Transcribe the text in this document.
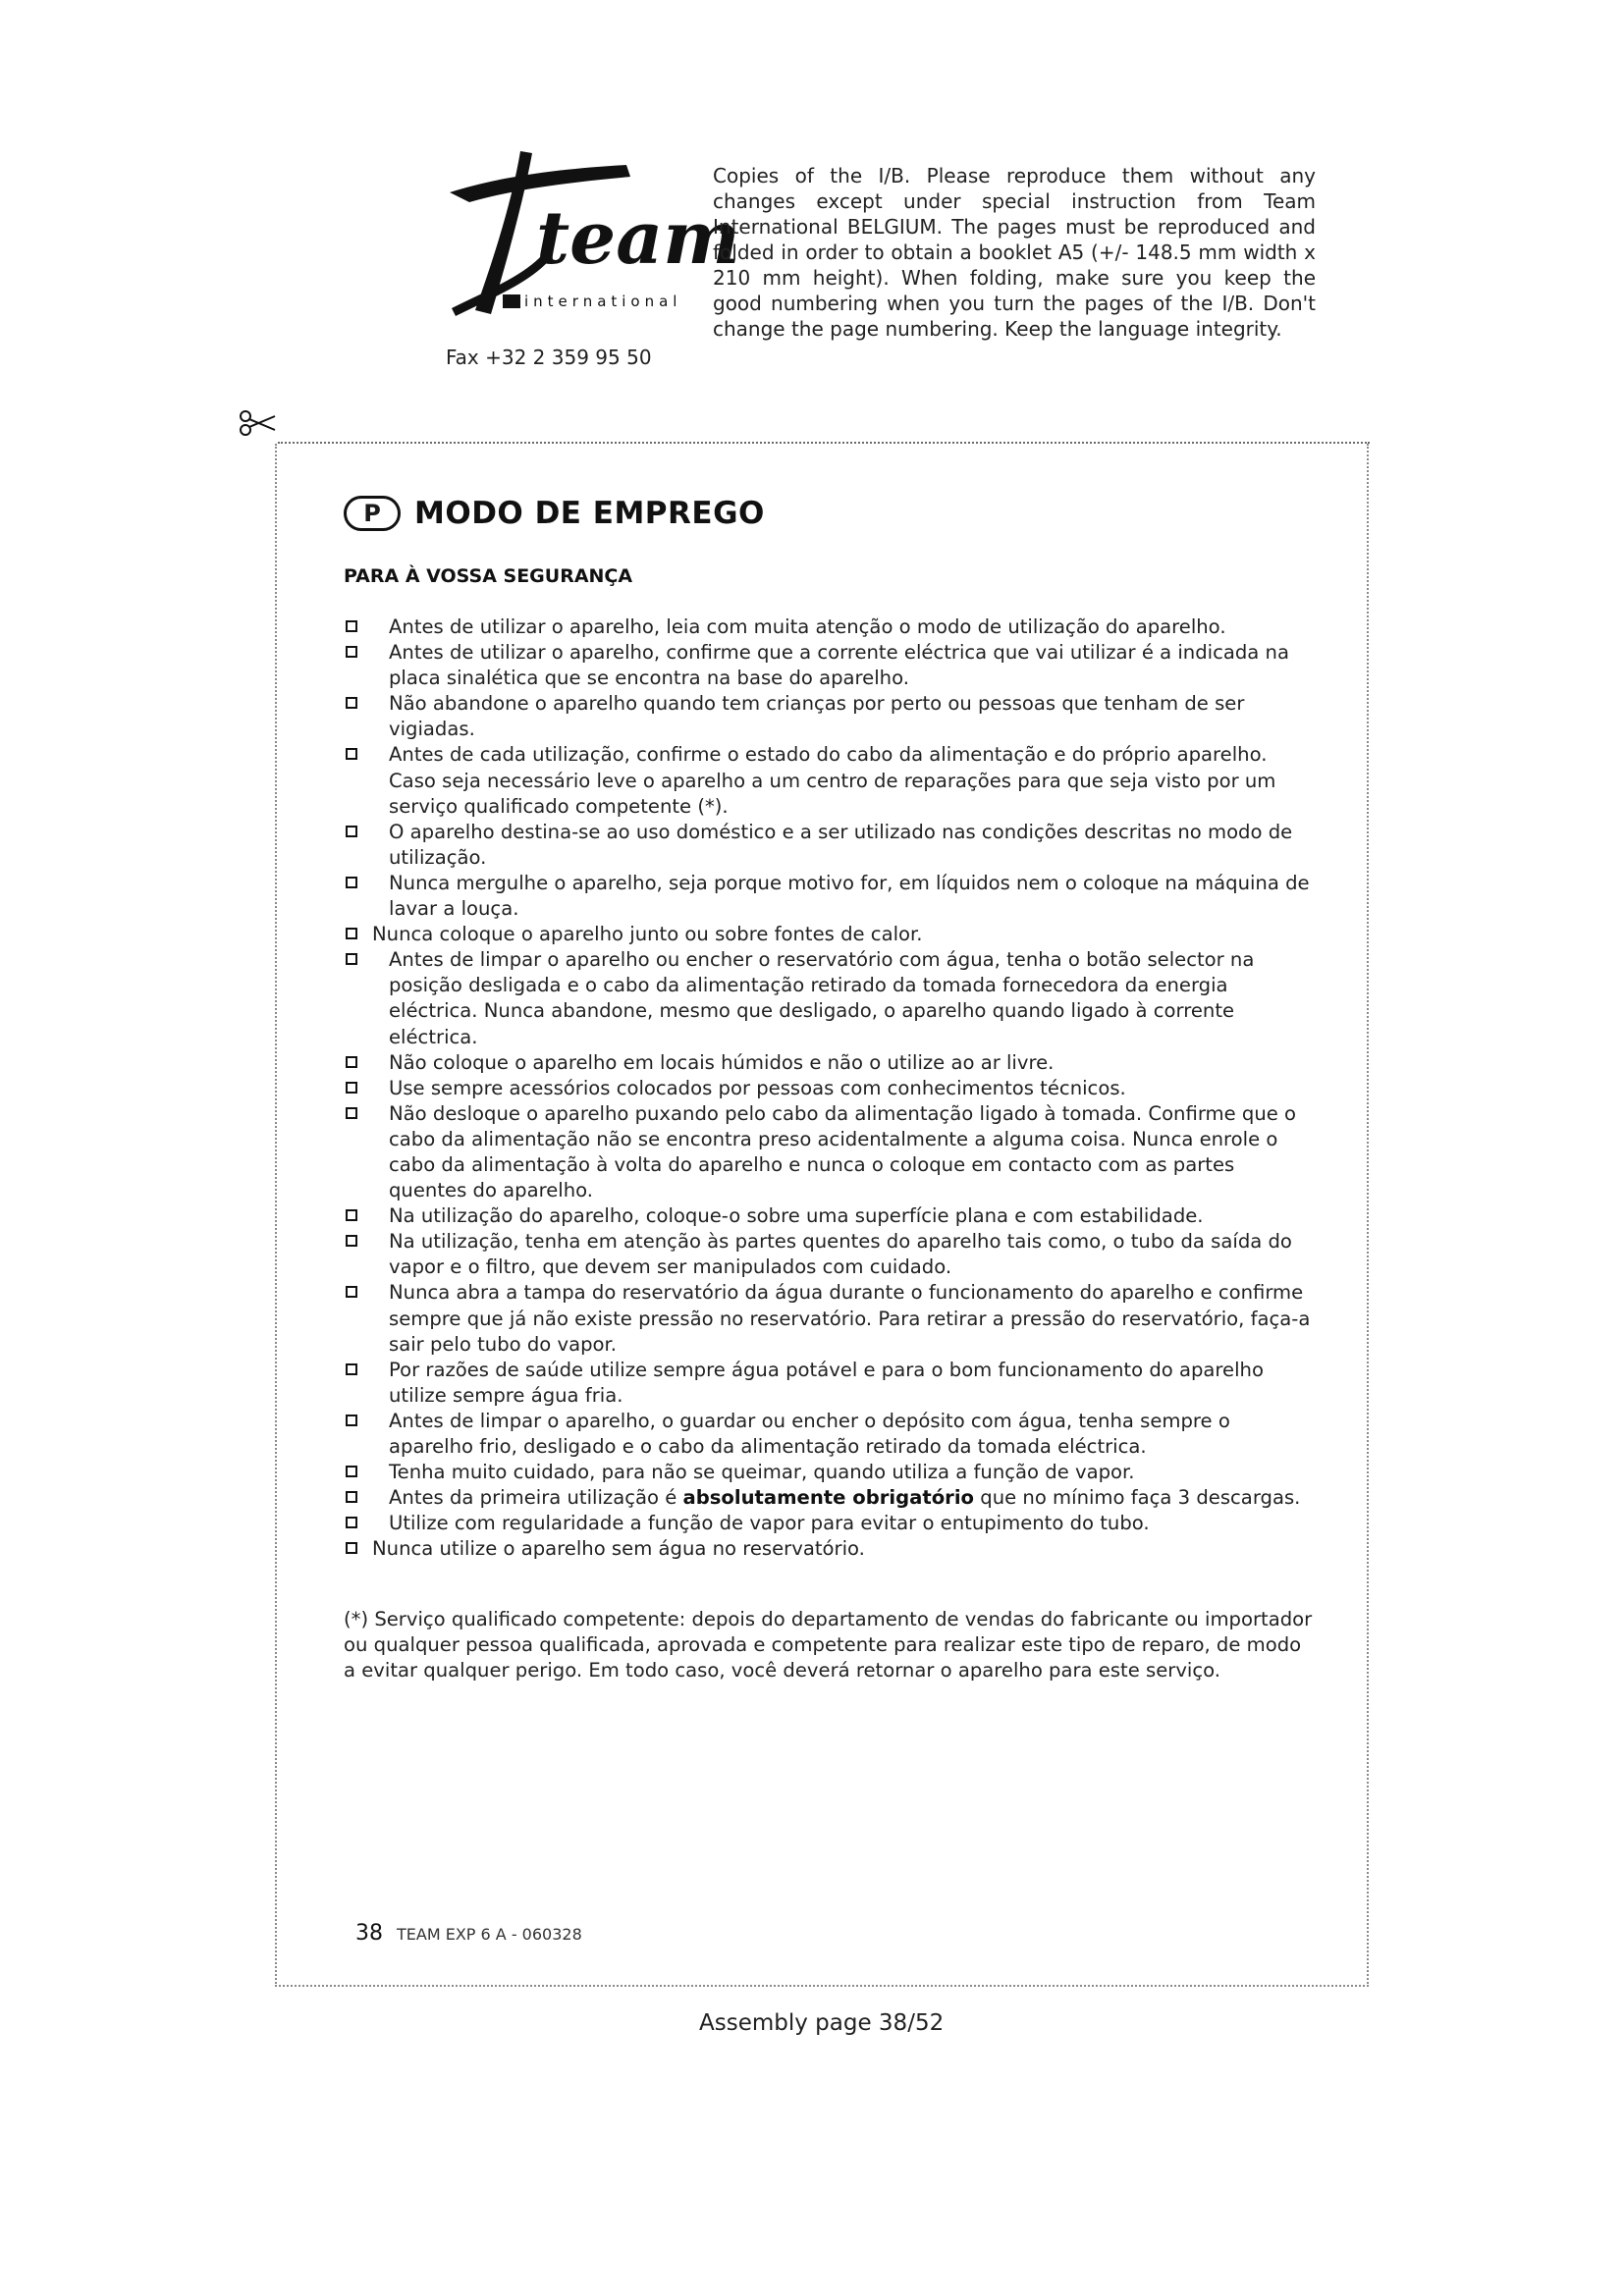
team
international
Fax +32 2 359 95 50
Copies of the I/B. Please reproduce them without any changes except under special instruction from Team International BELGIUM. The pages must be reproduced and folded in order to obtain a booklet A5 (+/- 148.5 mm width x 210 mm height). When folding, make sure you keep the good numbering when you turn the pages of the I/B. Don't change the page numbering. Keep the language integrity.
P	MODO DE EMPREGO
PARA À VOSSA SEGURANÇA
Antes de utilizar o aparelho, leia com muita atenção o modo de utilização do aparelho.
Antes de utilizar o aparelho, confirme que a corrente eléctrica que vai utilizar é a indicada na placa sinalética que se encontra na base do aparelho.
Não abandone o aparelho quando tem crianças por perto ou pessoas que tenham de ser vigiadas.
Antes de cada utilização, confirme o estado do cabo da alimentação e do próprio aparelho. Caso seja necessário leve o aparelho a um centro de reparações para que seja visto por um serviço qualificado competente (*).
O aparelho destina-se ao uso doméstico e a ser utilizado nas condições descritas no modo de utilização.
Nunca mergulhe o aparelho, seja porque motivo for, em líquidos nem o coloque na máquina de lavar a louça.
Nunca coloque o aparelho junto ou sobre fontes de calor.
Antes de limpar o aparelho ou encher o reservatório com água, tenha o botão selector na posição desligada e o cabo da alimentação retirado da tomada fornecedora da energia eléctrica. Nunca abandone, mesmo que desligado, o aparelho quando ligado à corrente eléctrica.
Não coloque o aparelho em locais húmidos e não o utilize ao ar livre.
Use sempre acessórios colocados por pessoas com conhecimentos técnicos.
Não desloque o aparelho puxando pelo cabo da alimentação ligado à tomada. Confirme que o cabo da alimentação não se encontra preso acidentalmente a alguma coisa. Nunca enrole o cabo da alimentação à volta do aparelho e nunca o coloque em contacto com as partes quentes do aparelho.
Na utilização do aparelho, coloque-o sobre uma superfície plana e com estabilidade.
Na utilização, tenha em atenção às partes quentes do aparelho tais como, o tubo da saída do vapor e o filtro, que devem ser manipulados com cuidado.
Nunca abra a tampa do reservatório da água durante o funcionamento do aparelho e confirme sempre que já não existe pressão no reservatório. Para retirar a pressão do reservatório, faça-a sair pelo tubo do vapor.
Por razões de saúde utilize sempre água potável e para o bom funcionamento do aparelho utilize sempre água fria.
Antes de limpar o aparelho, o guardar ou encher o depósito com água, tenha sempre o aparelho frio, desligado e o cabo da alimentação retirado da tomada eléctrica.
Tenha muito cuidado, para não se queimar, quando utiliza a função de vapor.
Antes da primeira utilização é absolutamente obrigatório que no mínimo faça 3 descargas.
Utilize com regularidade a função de vapor para evitar o entupimento do tubo.
Nunca utilize o aparelho sem água no reservatório.
(*) Serviço qualificado competente: depois do departamento de vendas do fabricante ou importador ou qualquer pessoa qualificada, aprovada e competente para realizar este tipo de reparo, de modo a evitar qualquer perigo. Em todo caso, você deverá retornar o aparelho para este serviço.
38 TEAM EXP 6 A - 060328
Assembly page 38/52
